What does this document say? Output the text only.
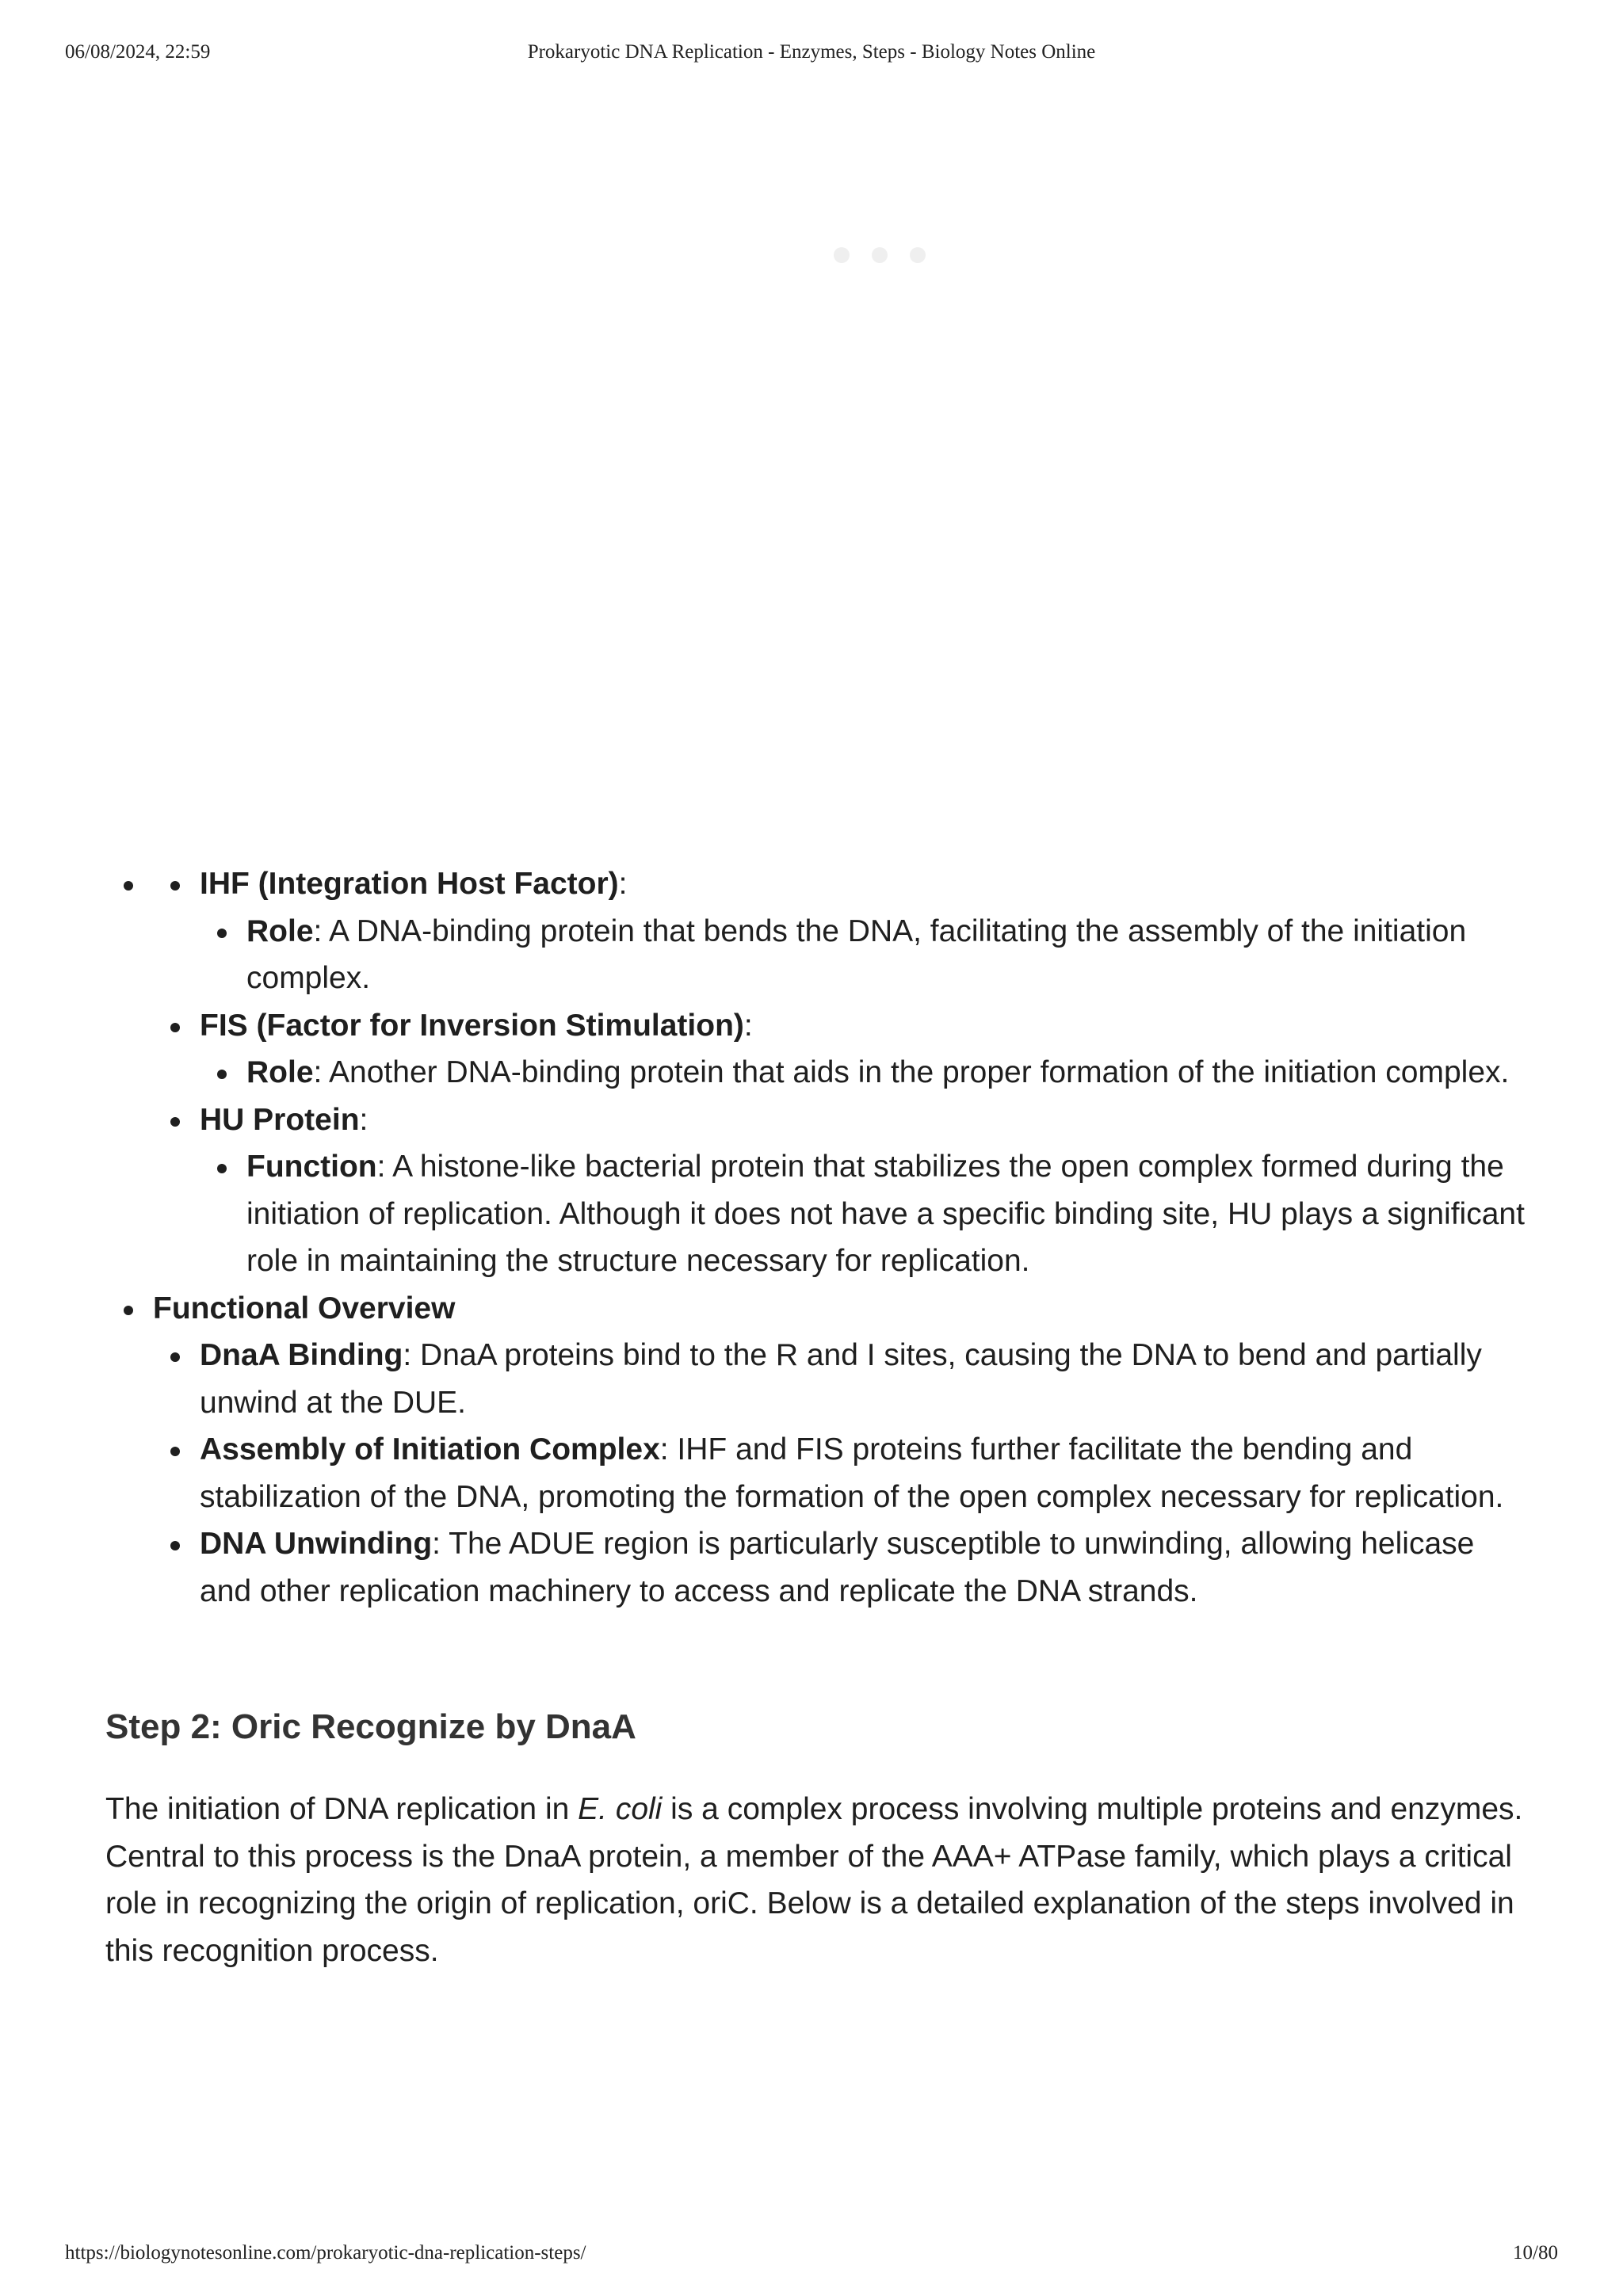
06/08/2024, 22:59	Prokaryotic DNA Replication - Enzymes, Steps - Biology Notes Online
IHF (Integration Host Factor):
Role: A DNA-binding protein that bends the DNA, facilitating the assembly of the initiation complex.
FIS (Factor for Inversion Stimulation):
Role: Another DNA-binding protein that aids in the proper formation of the initiation complex.
HU Protein:
Function: A histone-like bacterial protein that stabilizes the open complex formed during the initiation of replication. Although it does not have a specific binding site, HU plays a significant role in maintaining the structure necessary for replication.
Functional Overview
DnaA Binding: DnaA proteins bind to the R and I sites, causing the DNA to bend and partially unwind at the DUE.
Assembly of Initiation Complex: IHF and FIS proteins further facilitate the bending and stabilization of the DNA, promoting the formation of the open complex necessary for replication.
DNA Unwinding: The ADUE region is particularly susceptible to unwinding, allowing helicase and other replication machinery to access and replicate the DNA strands.
Step 2: Oric Recognize by DnaA

The initiation of DNA replication in E. coli is a complex process involving multiple proteins and enzymes. Central to this process is the DnaA protein, a member of the AAA+ ATPase family, which plays a critical role in recognizing the origin of replication, oriC. Below is a detailed explanation of the steps involved in this recognition process.

https://biologynotesonline.com/prokaryotic-dna-replication-steps/	10/80
